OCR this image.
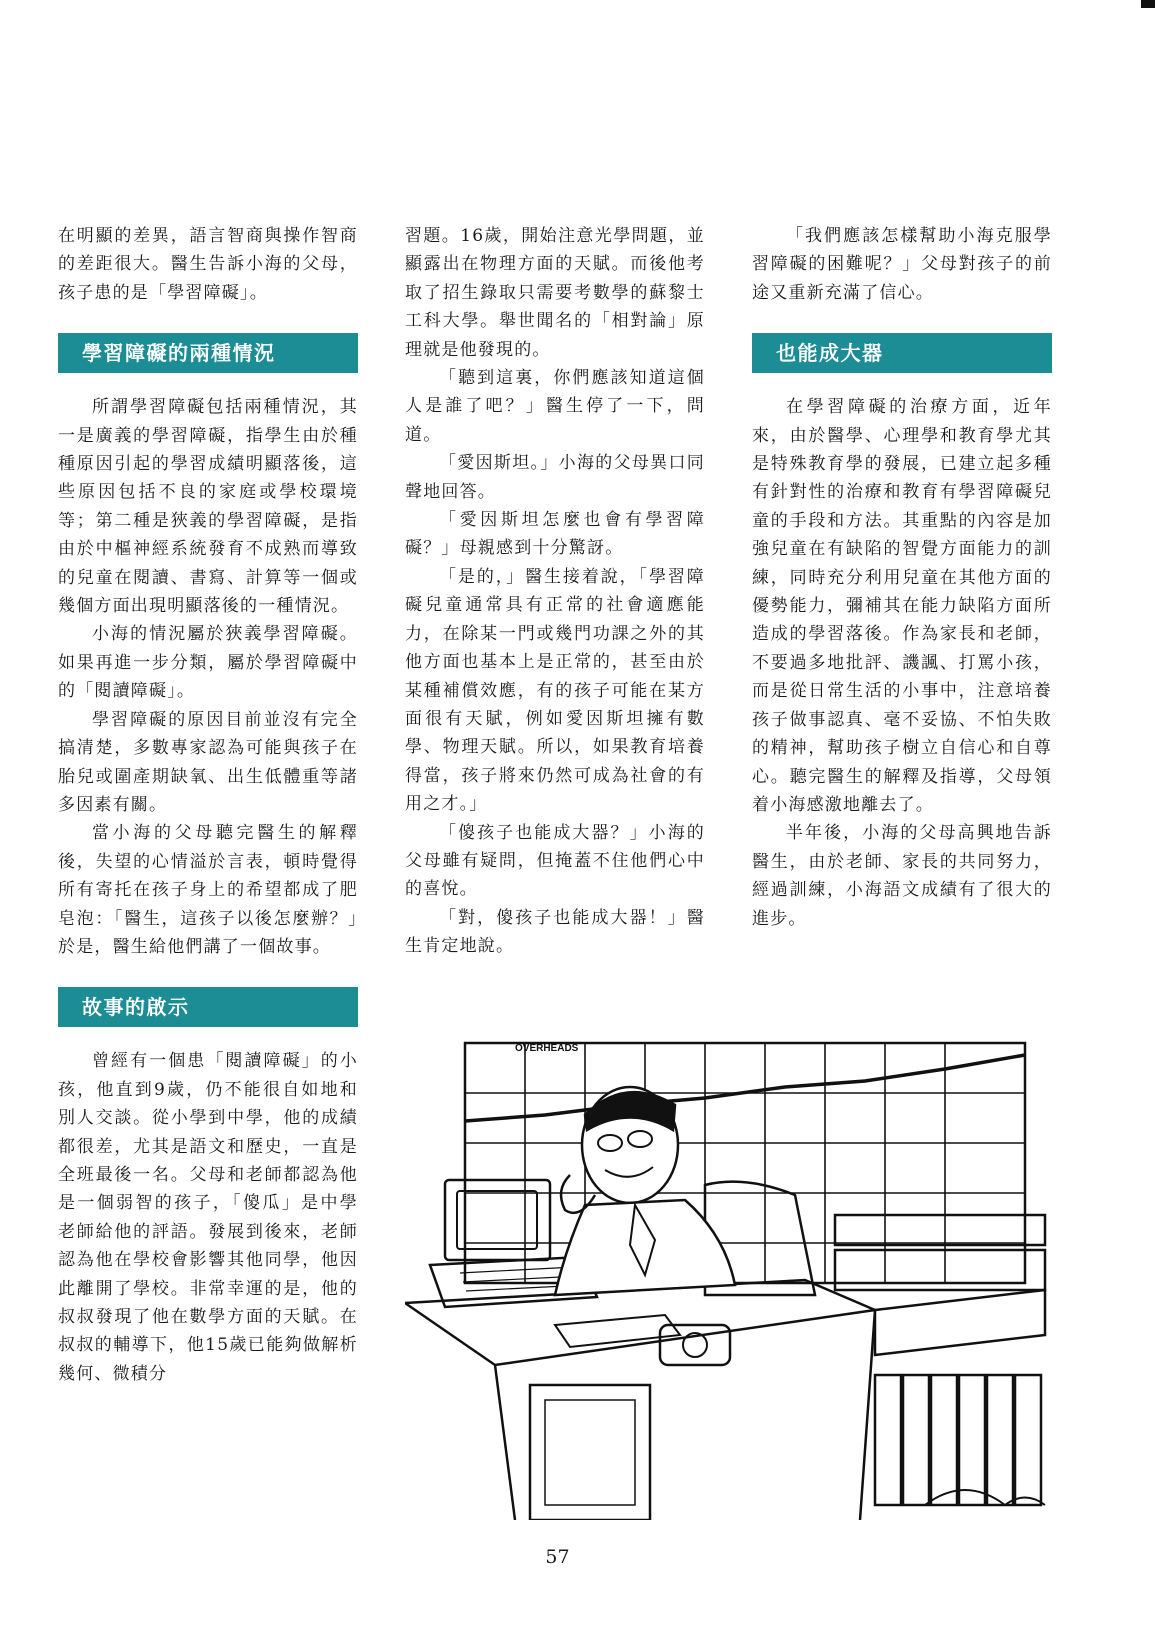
在明顯的差異，語言智商與操作智商的差距很大。醫生告訴小海的父母，孩子患的是「學習障礙」。

學習障礙的兩種情況

所謂學習障礙包括兩種情況，其一是廣義的學習障礙，指學生由於種種原因引起的學習成績明顯落後，這些原因包括不良的家庭或學校環境等；第二種是狹義的學習障礙，是指由於中樞神經系統發育不成熟而導致的兒童在閱讀、書寫、計算等一個或幾個方面出現明顯落後的一種情況。

小海的情況屬於狹義學習障礙。如果再進一步分類，屬於學習障礙中的「閱讀障礙」。

學習障礙的原因目前並沒有完全搞清楚，多數專家認為可能與孩子在胎兒或圍產期缺氧、出生低體重等諸多因素有關。

當小海的父母聽完醫生的解釋後，失望的心情溢於言表，頓時覺得所有寄托在孩子身上的希望都成了肥皂泡：「醫生，這孩子以後怎麼辦？」於是，醫生給他們講了一個故事。

故事的啟示

曾經有一個患「閱讀障礙」的小孩，他直到9歲，仍不能很自如地和別人交談。從小學到中學，他的成績都很差，尤其是語文和歷史，一直是全班最後一名。父母和老師都認為他是一個弱智的孩子，「傻瓜」是中學老師給他的評語。發展到後來，老師認為他在學校會影響其他同學，他因此離開了學校。非常幸運的是，他的叔叔發現了他在數學方面的天賦。在叔叔的輔導下，他15歲已能夠做解析幾何、微積分

習題。16歲，開始注意光學問題，並顯露出在物理方面的天賦。而後他考取了招生錄取只需要考數學的蘇黎士工科大學。舉世聞名的「相對論」原理就是他發現的。

「聽到這裏，你們應該知道這個人是誰了吧？」醫生停了一下，問道。

「愛因斯坦。」小海的父母異口同聲地回答。

「愛因斯坦怎麼也會有學習障礙？」母親感到十分驚訝。

「是的，」醫生接着說，「學習障礙兒童通常具有正常的社會適應能力，在除某一門或幾門功課之外的其他方面也基本上是正常的，甚至由於某種補償效應，有的孩子可能在某方面很有天賦，例如愛因斯坦擁有數學、物理天賦。所以，如果教育培養得當，孩子將來仍然可成為社會的有用之才。」

「傻孩子也能成大器？」小海的父母雖有疑問，但掩蓋不住他們心中的喜悅。

「對，傻孩子也能成大器！」醫生肯定地說。

「我們應該怎樣幫助小海克服學習障礙的困難呢？」父母對孩子的前途又重新充滿了信心。

也能成大器

在學習障礙的治療方面，近年來，由於醫學、心理學和教育學尤其是特殊教育學的發展，已建立起多種有針對性的治療和教育有學習障礙兒童的手段和方法。其重點的內容是加強兒童在有缺陷的智覺方面能力的訓練，同時充分利用兒童在其他方面的優勢能力，彌補其在能力缺陷方面所造成的學習落後。作為家長和老師，不要過多地批評、譏諷、打罵小孩，而是從日常生活的小事中，注意培養孩子做事認真、毫不妥協、不怕失敗的精神，幫助孩子樹立自信心和自尊心。聽完醫生的解釋及指導，父母領着小海感激地離去了。

半年後，小海的父母高興地告訴醫生，由於老師、家長的共同努力，經過訓練，小海語文成績有了很大的進步。

OVERHEADS
57
